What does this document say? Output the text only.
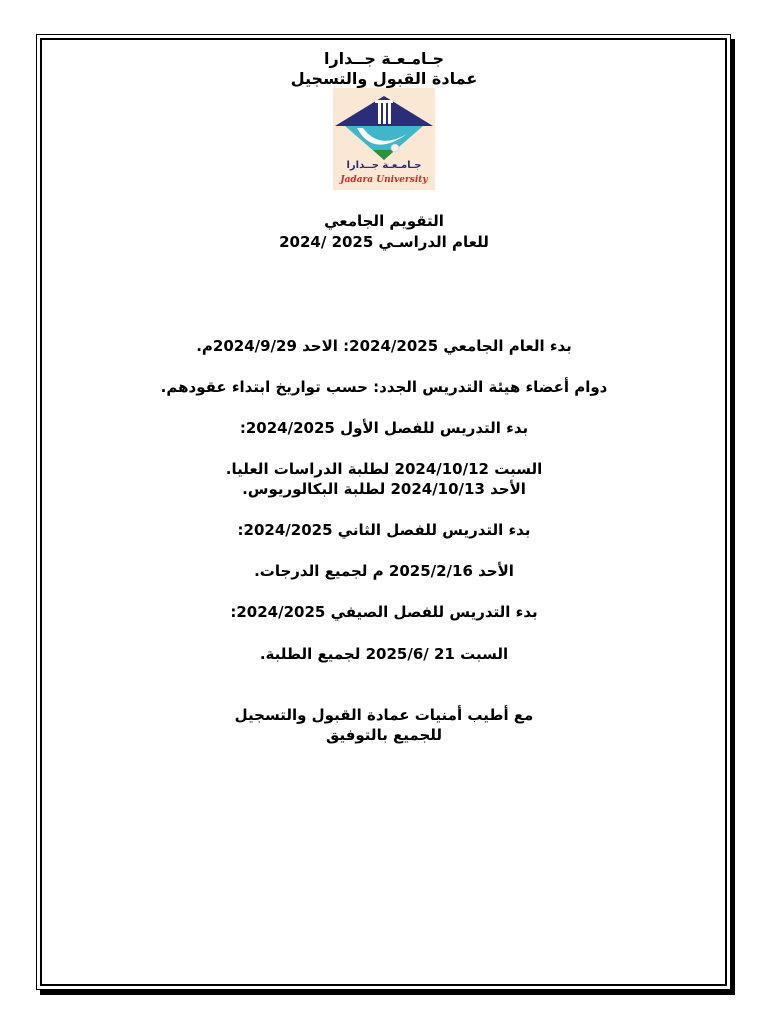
جـامـعـة جــدارا
عمادة القبول والتسجيل
جـامـعـة جــدارا
Jadara University
التقويم الجامعي
للعام الدراسـي 2025 /2024
بدء العام الجامعي 2024/2025: الاحد 2024/9/29م.
دوام أعضاء هيئة التدريس الجدد: حسب تواريخ ابتداء عقودهم.
بدء التدريس للفصل الأول 2024/2025:
السبت 2024/10/12 لطلبة الدراسات العليا.
الأحد 2024/10/13 لطلبة البكالوريوس.
بدء التدريس للفصل الثاني 2024/2025:
الأحد 2025/2/16 م لجميع الدرجات.
بدء التدريس للفصل الصيفي 2024/2025:
السبت 21 /2025/6 لجميع الطلبة.
مع أطيب أمنيات عمادة القبول والتسجيل
للجميع بالتوفيق
